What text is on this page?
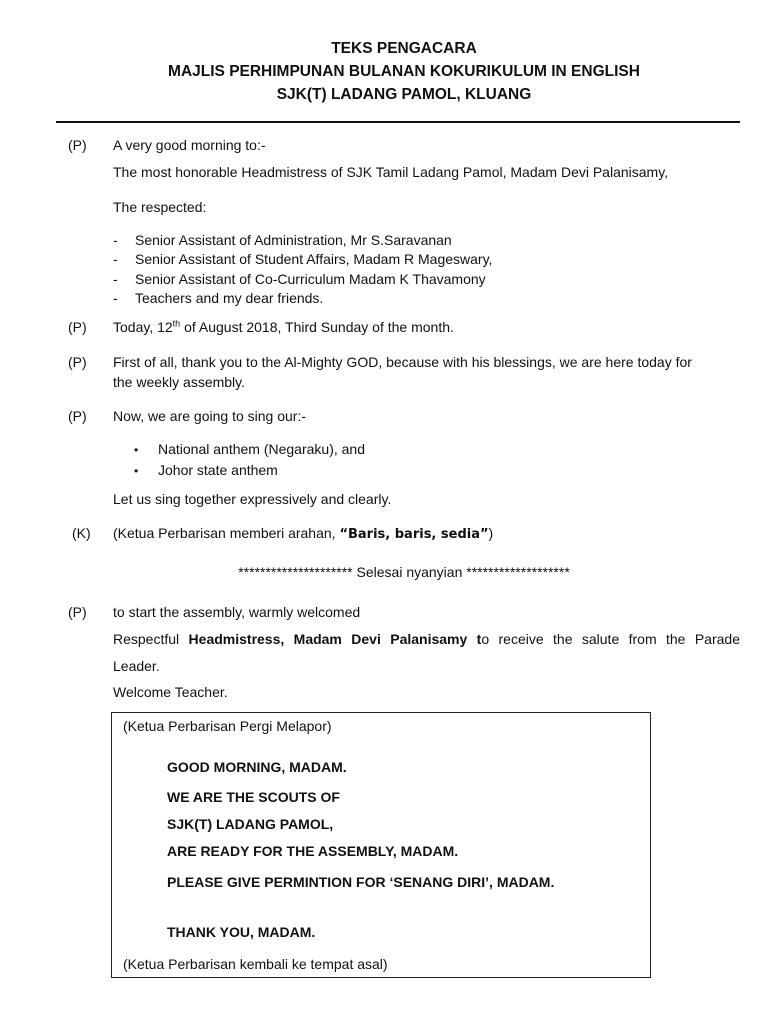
TEKS PENGACARA
MAJLIS PERHIMPUNAN BULANAN KOKURIKULUM IN ENGLISH
SJK(T) LADANG PAMOL, KLUANG
(P) A very good morning to:-
The most honorable Headmistress of SJK Tamil Ladang Pamol, Madam Devi Palanisamy,
The respected:
- Senior Assistant of Administration, Mr S.Saravanan
- Senior Assistant of Student Affairs, Madam R Mageswary,
- Senior Assistant of Co-Curriculum Madam K Thavamony
- Teachers and my dear friends.
(P) Today, 12th of August 2018, Third Sunday of the month.
(P) First of all, thank you to the Al-Mighty GOD, because with his blessings, we are here today for
the weekly assembly.
(P) Now, we are going to sing our:-
• National anthem (Negaraku), and
• Johor state anthem
Let us sing together expressively and clearly.
(K) (Ketua Perbarisan memberi arahan, “Baris, baris, sedia”)
********************* Selesai nyanyian *******************
(P) to start the assembly, warmly welcomed
Respectful Headmistress, Madam Devi Palanisamy to receive the salute from the Parade
Leader.
Welcome Teacher.
(Ketua Perbarisan Pergi Melapor)
GOOD MORNING, MADAM.
WE ARE THE SCOUTS OF
SJK(T) LADANG PAMOL,
ARE READY FOR THE ASSEMBLY, MADAM.
PLEASE GIVE PERMINTION FOR ‘SENANG DIRI’, MADAM.
THANK YOU, MADAM.
(Ketua Perbarisan kembali ke tempat asal)
